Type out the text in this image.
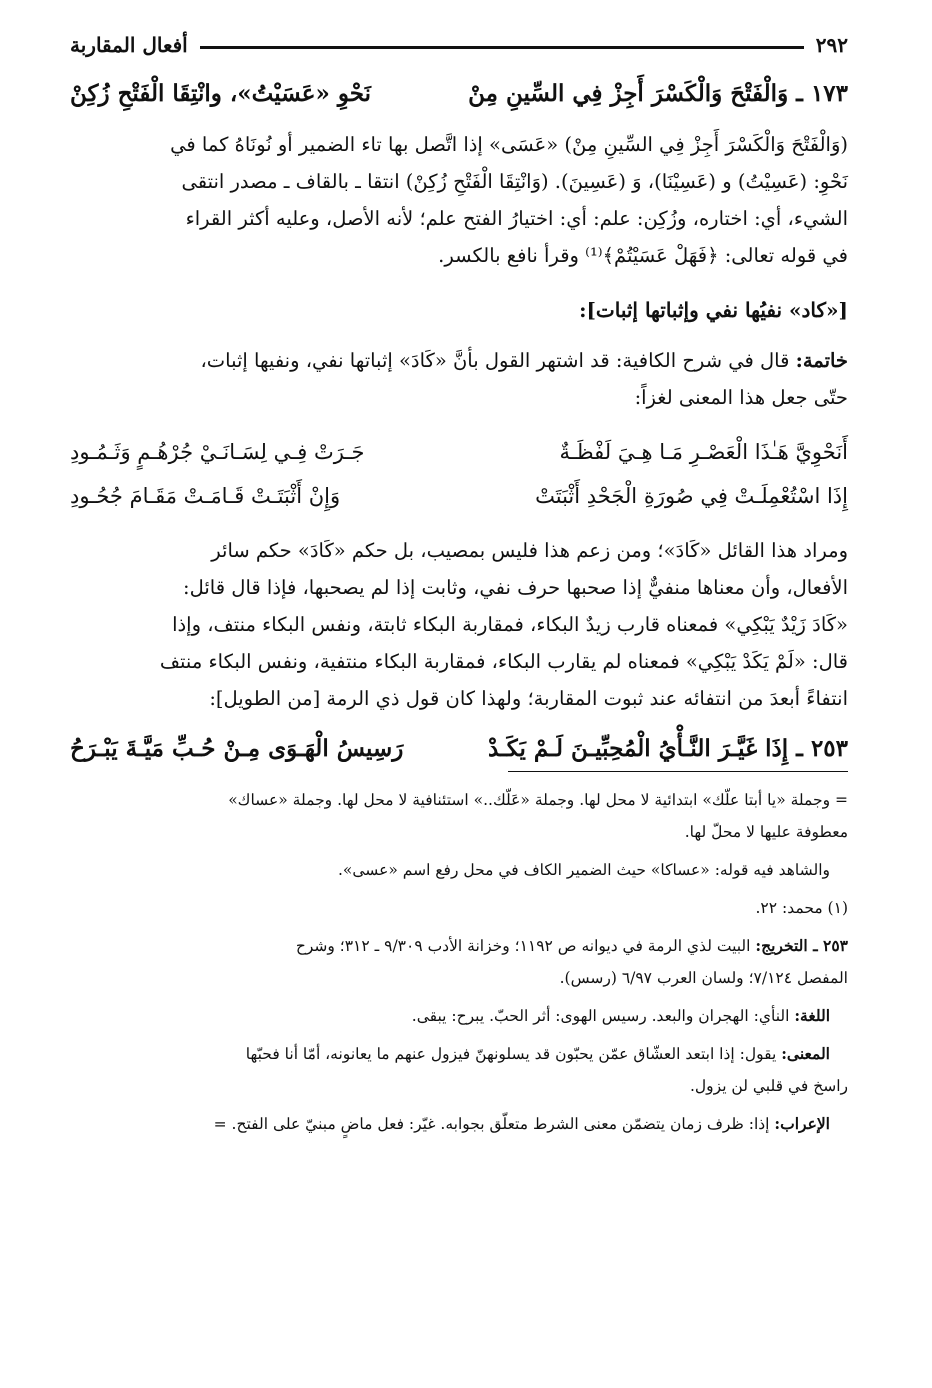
٢٩٢
أفعال المقاربة
١٧٣ ـ وَالْفَتْحَ وَالْكَسْرَ أَجِزْ فِي السِّينِ مِنْ
نَحْوِ «عَسَيْتُ»، وانْتِقَا الْفَتْحِ زُكِنْ

(وَالْفَتْحَ وَالْكَسْرَ أَجِزْ فِي السِّينِ مِنْ) «عَسَى» إذا اتَّصل بها تاء الضمير أو نُونَاهُ كما في

نَحْوِ: (عَسِيْتُ) و (عَسِيْنَا)، وَ (عَسِينَ). (وَانْتِقَا الْفَتْحِ زُكِنْ) انتقا ـ بالقاف ـ مصدر انتقى

الشيء، أي: اختاره، وزُكِن: علم: أي: اختيارُ الفتح علم؛ لأنه الأصل، وعليه أكثر القراء

في قوله تعالى: ﴿فَهَلْ عَسَيْتُمْ﴾⁽¹⁾ وقرأ نافع بالكسر.

[«كاد» نفيُها نفي وإثباتها إثبات]:

خاتمة: قال في شرح الكافية: قد اشتهر القول بأنَّ «كَادَ» إثباتها نفي، ونفيها إثبات،

حتّى جعل هذا المعنى لغزاً:

أَنَحْوِيَّ هَـٰذَا الْعَصْـرِ مَـا هِـيَ لَفْظَـةٌ
جَـرَتْ فِـي لِسَـانَـيْ جُرْهُـمٍ وَثَـمُـودِ
إِذَا اسْتُعْمِلَـتْ فِي صُورَةِ الْجَحْدِ أَثْبَتَتْ
وَإِنْ أَثْبَتَـتْ قَـامَـتْ مَقَـامَ جُحُـودِ

ومراد هذا القائل «كَادَ»؛ ومن زعم هذا فليس بمصيب، بل حكم «كَادَ» حكم سائر

الأفعال، وأن معناها منفيٌّ إذا صحبها حرف نفي، وثابت إذا لم يصحبها، فإذا قال قائل:

«كَادَ زَيْدٌ يَبْكِي» فمعناه قارب زيدٌ البكاء، فمقاربة البكاء ثابتة، ونفس البكاء منتف، وإذا

قال: «لَمْ يَكَدْ يَبْكِي» فمعناه لم يقارب البكاء، فمقاربة البكاء منتفية، ونفس البكاء منتف

انتفاءً أبعدَ من انتفائه عند ثبوت المقاربة؛ ولهذا كان قول ذي الرمة [من الطويل]:

٢٥٣ ـ إِذَا غَيَّـرَ النَّـأْيُ الْمُحِبِّيـنَ لَـمْ يَكَـدْ
رَسِيسُ الْهَـوَى مِـنْ حُـبِّ مَيَّـةَ يَبْـرَحُ

= وجملة «يا أبتا علّك» ابتدائية لا محل لها. وجملة «عَلّك..» استئنافية لا محل لها. وجملة «عساك»

معطوفة عليها لا محلّ لها.

والشاهد فيه قوله: «عساكا» حيث الضمير الكاف في محل رفع اسم «عسى».

(١) محمد: ٢٢.

٢٥٣ ـ التخريج: البيت لذي الرمة في ديوانه ص ١١٩٢؛ وخزانة الأدب ٩/٣٠٩ ـ ٣١٢؛ وشرح

المفصل ٧/١٢٤؛ ولسان العرب ٦/٩٧ (رسس).

اللغة: النأي: الهجران والبعد. رسيس الهوى: أثر الحبّ. يبرح: يبقى.

المعنى: يقول: إذا ابتعد العشّاق عمّن يحبّون قد يسلونهنّ فيزول عنهم ما يعانونه، أمّا أنا فحبّها

راسخ في قلبي لن يزول.

الإعراب: إذا: ظرف زمان يتضمّن معنى الشرط متعلّق بجوابه. غيّر: فعل ماضٍ مبنيّ على الفتح. =
